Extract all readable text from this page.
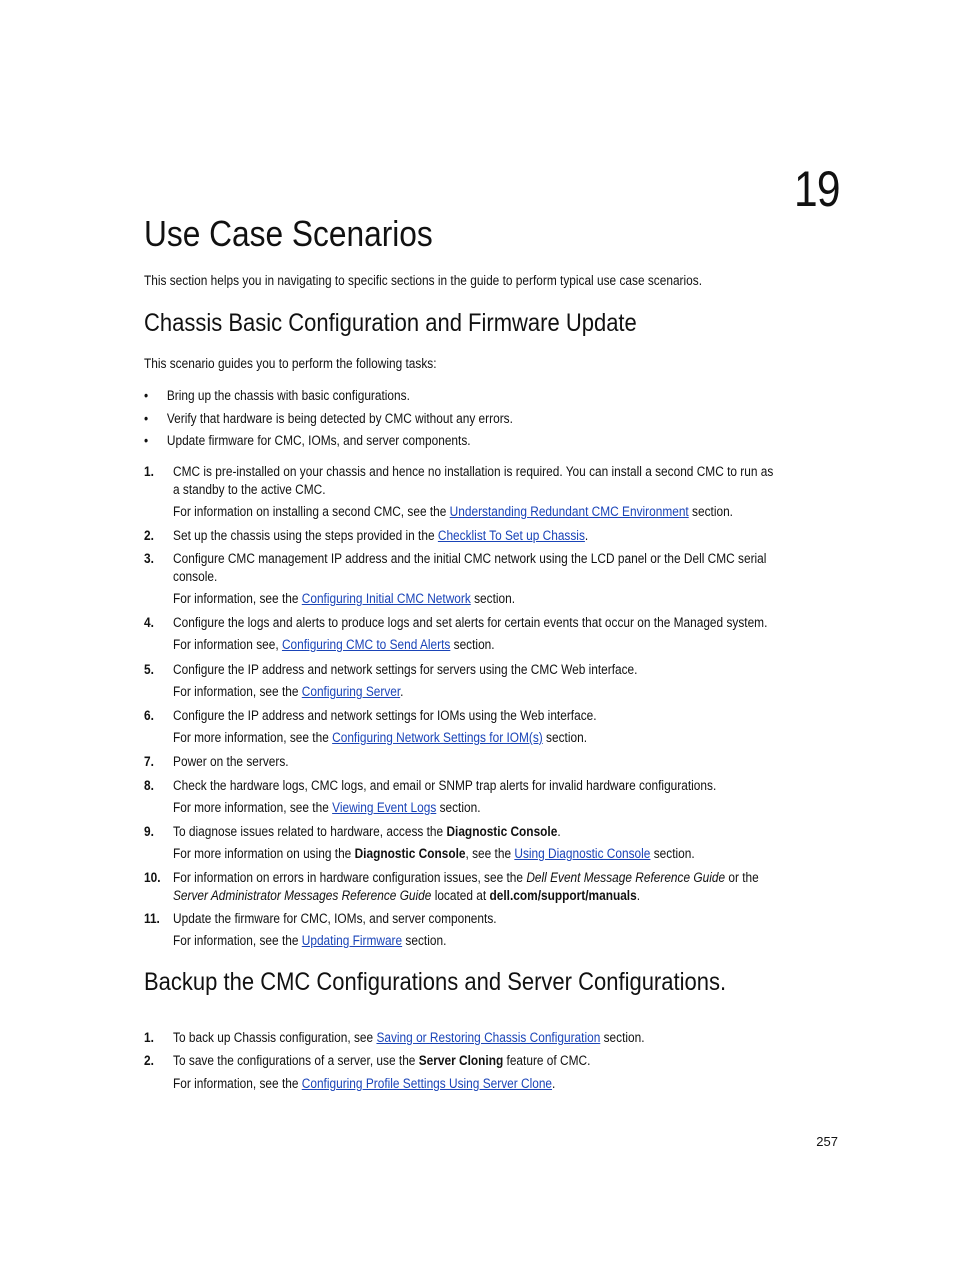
19
Use Case Scenarios
This section helps you in navigating to specific sections in the guide to perform typical use case scenarios.
Chassis Basic Configuration and Firmware Update
This scenario guides you to perform the following tasks:
• Bring up the chassis with basic configurations.
• Verify that hardware is being detected by CMC without any errors.
• Update firmware for CMC, IOMs, and server components.
1. CMC is pre-installed on your chassis and hence no installation is required. You can install a second CMC to run as
a standby to the active CMC.
For information on installing a second CMC, see the Understanding Redundant CMC Environment section.
2. Set up the chassis using the steps provided in the Checklist To Set up Chassis.
3. Configure CMC management IP address and the initial CMC network using the LCD panel or the Dell CMC serial
console.
For information, see the Configuring Initial CMC Network section.
4. Configure the logs and alerts to produce logs and set alerts for certain events that occur on the Managed system.
For information see, Configuring CMC to Send Alerts section.
5. Configure the IP address and network settings for servers using the CMC Web interface.
For information, see the Configuring Server.
6. Configure the IP address and network settings for IOMs using the Web interface.
For more information, see the Configuring Network Settings for IOM(s) section.
7. Power on the servers.
8. Check the hardware logs, CMC logs, and email or SNMP trap alerts for invalid hardware configurations.
For more information, see the Viewing Event Logs section.
9. To diagnose issues related to hardware, access the Diagnostic Console.
For more information on using the Diagnostic Console, see the Using Diagnostic Console section.
10. For information on errors in hardware configuration issues, see the Dell Event Message Reference Guide or the
Server Administrator Messages Reference Guide located at dell.com/support/manuals.
11. Update the firmware for CMC, IOMs, and server components.
For information, see the Updating Firmware section.
Backup the CMC Configurations and Server Configurations.
1. To back up Chassis configuration, see Saving or Restoring Chassis Configuration section.
2. To save the configurations of a server, use the Server Cloning feature of CMC.
For information, see the Configuring Profile Settings Using Server Clone.
257
